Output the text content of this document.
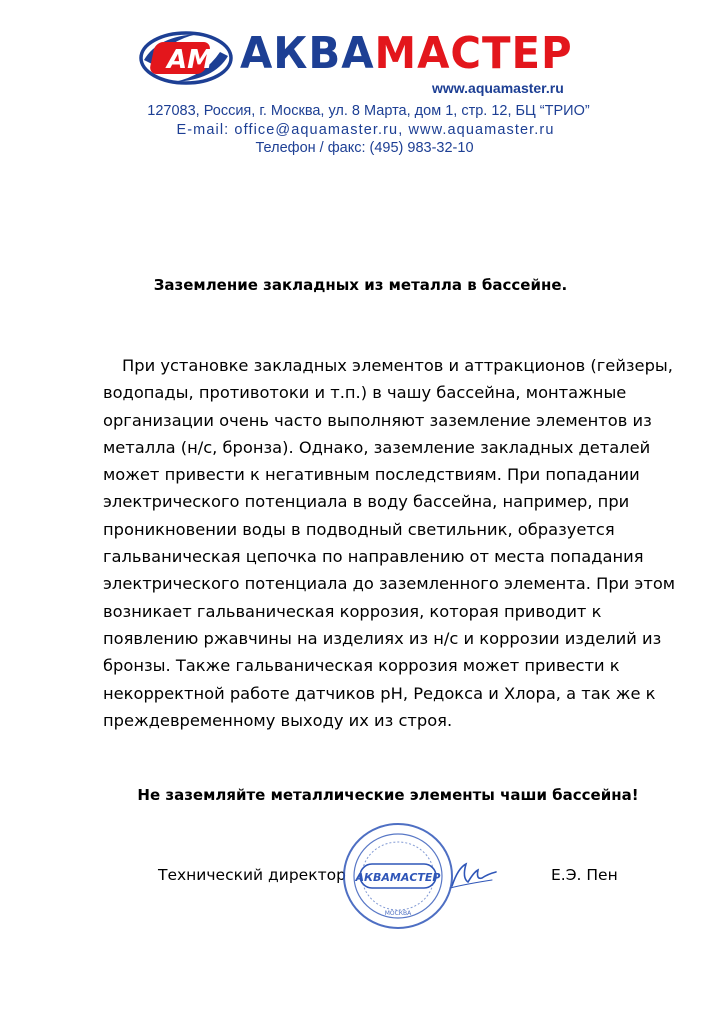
АМ АКВАМАСТЕР
www.aquamaster.ru
127083, Россия, г. Москва, ул. 8 Марта, дом 1, стр. 12, БЦ “ТРИО”
E-mail: office@aquamaster.ru, www.aquamaster.ru
Телефон / факс: (495) 983-32-10
Заземление закладных из металла в бассейне.
При установке закладных элементов и аттракционов (гейзеры,
водопады, противотоки и т.п.) в чашу бассейна, монтажные
организации очень часто выполняют заземление элементов из
металла (н/с, бронза). Однако, заземление закладных деталей
может привести к негативным последствиям. При попадании
электрического потенциала в воду бассейна, например, при
проникновении воды в подводный светильник, образуется
гальваническая цепочка по направлению от места попадания
электрического потенциала до заземленного элемента. При этом
возникает гальваническая коррозия, которая приводит к
появлению ржавчины на изделиях из н/с и коррозии изделий из
бронзы. Также гальваническая коррозия может привести к
некорректной работе датчиков рН, Редокса и Хлора, а так же к
преждевременному выходу их из строя.
Не заземляйте металлические элементы чаши бассейна!
Технический директор АКВАМАСТЕР
МОСКВА
Е.Э. Пен
